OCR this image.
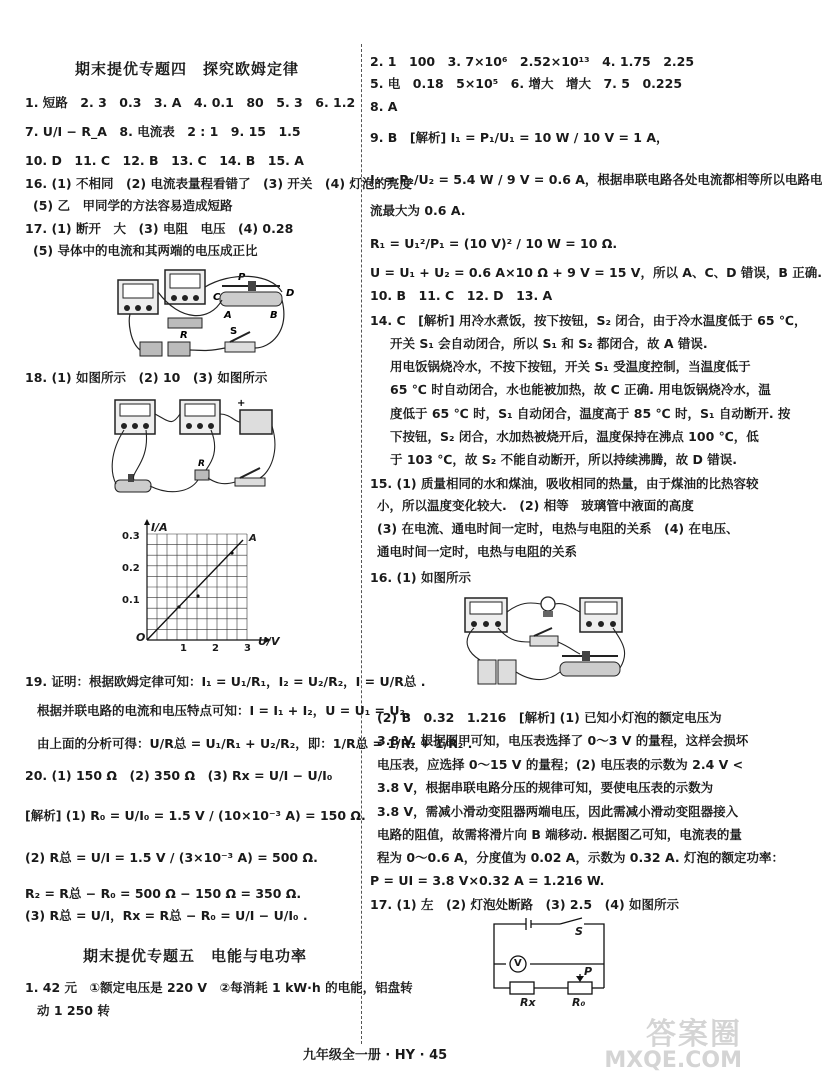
期末提优专题四　探究欧姆定律
1. 短路　2. 3　0.3　3. A　4. 0.1　80　5. 3　6. 1.2
7. U/I − R_A　8. 电流表　2 : 1　9. 15　1.5
10. D　11. C　12. B　13. C　14. B　15. A
16. (1) 不相同　(2) 电流表量程看错了　(3) 开关　(4) 灯泡的亮度
(5) 乙　甲同学的方法容易造成短路
17. (1) 断开　大　(3) 电阻　电压　(4) 0.28
(5) 导体中的电流和其两端的电压成正比
P
C	D
A	B
R	S
18. (1) 如图所示　(2) 10　(3) 如图所示
+
R
I/A
U/V
O
0.3
0.2
0.1
1	2	3
A
19. 证明：根据欧姆定律可知：I₁ = U₁/R₁，I₂ = U₂/R₂，I = U/R总 .
根据并联电路的电流和电压特点可知：I = I₁ + I₂，U = U₁ = U₂，
由上面的分析可得：U/R总 = U₁/R₁ + U₂/R₂，即：1/R总 = 1/R₁ + 1/R₂ .
20. (1) 150 Ω　(2) 350 Ω　(3) Rx = U/I − U/I₀
[解析] (1) R₀ = U/I₀ = 1.5 V / (10×10⁻³ A) = 150 Ω.
(2) R总 = U/I = 1.5 V / (3×10⁻³ A) = 500 Ω.
R₂ = R总 − R₀ = 500 Ω − 150 Ω = 350 Ω.
(3) R总 = U/I，Rx = R总 − R₀ = U/I − U/I₀ .
期末提优专题五　电能与电功率
1. 42 元　①额定电压是 220 V　②每消耗 1 kW·h 的电能，铝盘转
动 1 250 转
2. 1　100　3. 7×10⁶　2.52×10¹³　4. 1.75　2.25
5. 电　0.18　5×10⁵　6. 增大　增大　7. 5　0.225
8. A
9. B　[解析] I₁ = P₁/U₁ = 10 W / 10 V = 1 A，
I₂ = P₂/U₂ = 5.4 W / 9 V = 0.6 A，根据串联电路各处电流都相等所以电路电
流最大为 0.6 A.
R₁ = U₁²/P₁ = (10 V)² / 10 W = 10 Ω.
U = U₁ + U₂ = 0.6 A×10 Ω + 9 V = 15 V，所以 A、C、D 错误，B 正确.
10. B　11. C　12. D　13. A
14. C　[解析] 用冷水煮饭，按下按钮，S₂ 闭合，由于冷水温度低于 65 ℃，
开关 S₁ 会自动闭合，所以 S₁ 和 S₂ 都闭合，故 A 错误.
用电饭锅烧冷水，不按下按钮，开关 S₁ 受温度控制，当温度低于
65 ℃ 时自动闭合，水也能被加热，故 C 正确. 用电饭锅烧冷水，温
度低于 65 ℃ 时，S₁ 自动闭合，温度高于 85 ℃ 时，S₁ 自动断开. 按
下按钮，S₂ 闭合，水加热被烧开后，温度保持在沸点 100 ℃，低
于 103 ℃，故 S₂ 不能自动断开，所以持续沸腾，故 D 错误.
15. (1) 质量相同的水和煤油，吸收相同的热量，由于煤油的比热容较
小，所以温度变化较大.　(2) 相等　玻璃管中液面的高度
(3) 在电流、通电时间一定时，电热与电阻的关系　(4) 在电压、
通电时间一定时，电热与电阻的关系
16. (1) 如图所示
(2) B　0.32　1.216　[解析] (1) 已知小灯泡的额定电压为
3.8 V. 根据图甲可知，电压表选择了 0～3 V 的量程，这样会损坏
电压表，应选择 0～15 V 的量程；(2) 电压表的示数为 2.4 V <
3.8 V，根据串联电路分压的规律可知，要使电压表的示数为
3.8 V，需减小滑动变阻器两端电压，因此需减小滑动变阻器接入
电路的阻值，故需将滑片向 B 端移动. 根据图乙可知，电流表的量
程为 0～0.6 A，分度值为 0.02 A，示数为 0.32 A. 灯泡的额定功率：
P = UI = 3.8 V×0.32 A = 1.216 W.
17. (1) 左　(2) 灯泡处断路　(3) 2.5　(4) 如图所示
S
V
Rx	R₀
P
九年级全一册 · HY · 45
答案圈
MXQE.COM
